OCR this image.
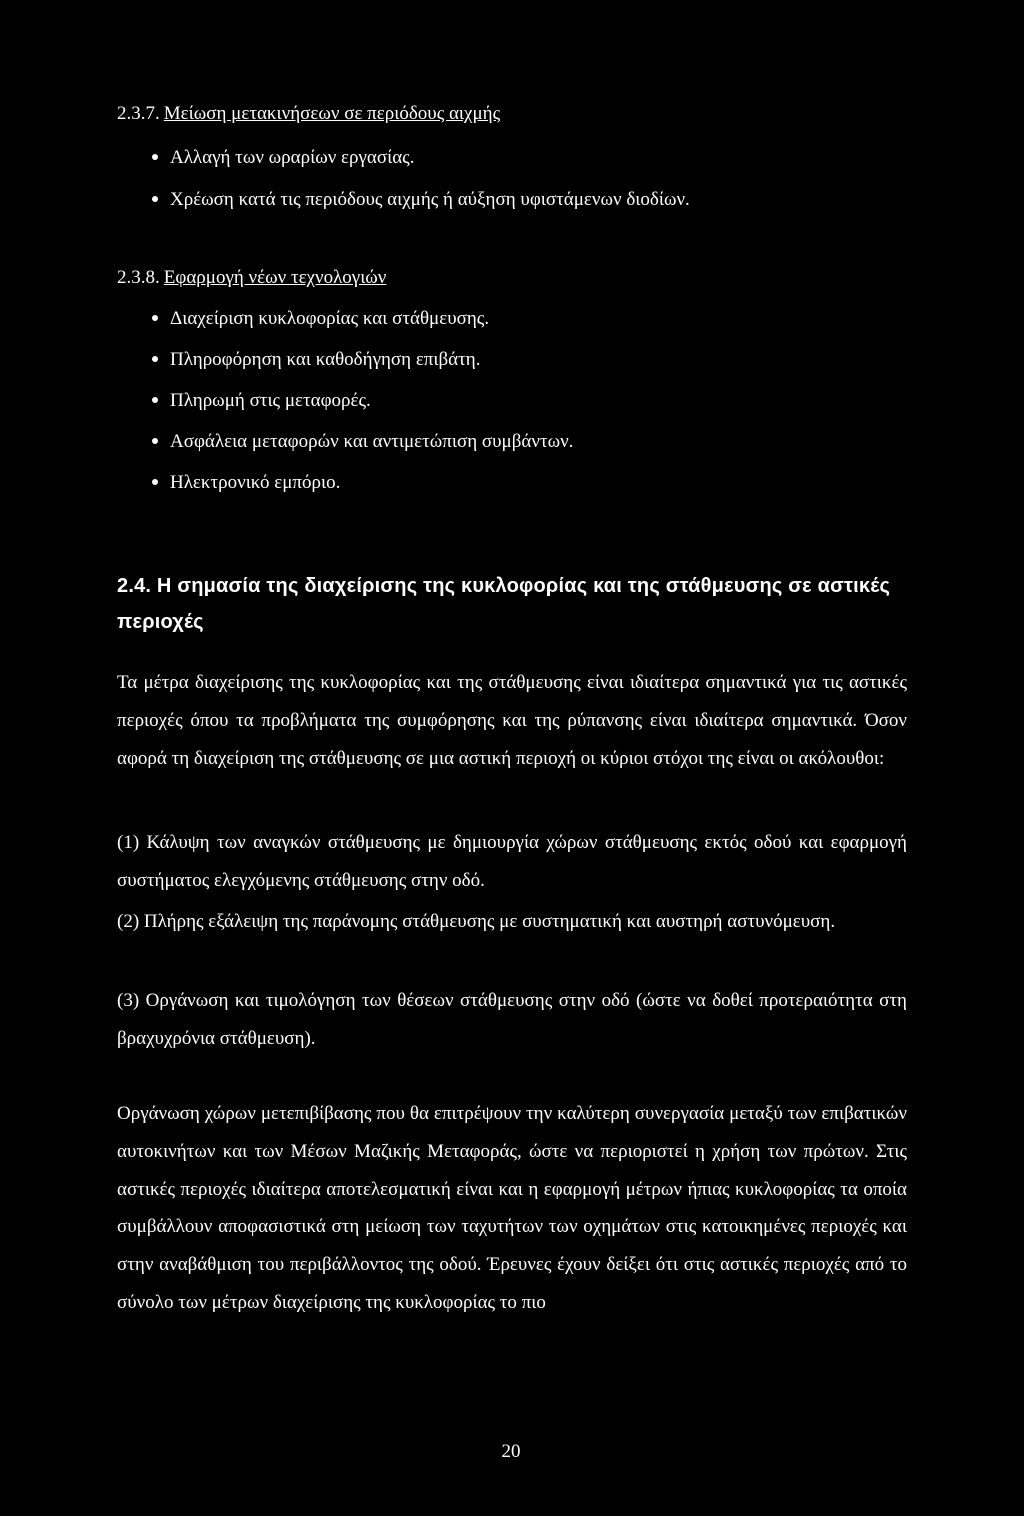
2.3.7. Μείωση μετακινήσεων σε περιόδους αιχμής
Αλλαγή των ωραρίων εργασίας.
Χρέωση κατά τις περιόδους αιχμής ή αύξηση υφιστάμενων διοδίων.
2.3.8. Εφαρμογή νέων τεχνολογιών
Διαχείριση κυκλοφορίας και στάθμευσης.
Πληροφόρηση και καθοδήγηση επιβάτη.
Πληρωμή στις μεταφορές.
Ασφάλεια μεταφορών και αντιμετώπιση συμβάντων.
Ηλεκτρονικό εμπόριο.
2.4. Η σημασία της διαχείρισης της κυκλοφορίας και της στάθμευσης σε αστικές περιοχές
Τα μέτρα διαχείρισης της κυκλοφορίας και της στάθμευσης είναι ιδιαίτερα σημαντικά για τις αστικές περιοχές όπου τα προβλήματα της συμφόρησης και της ρύπανσης είναι ιδιαίτερα σημαντικά. Όσον αφορά τη διαχείριση της στάθμευσης σε μια αστική περιοχή οι κύριοι στόχοι της είναι οι ακόλουθοι:
(1) Κάλυψη των αναγκών στάθμευσης με δημιουργία χώρων στάθμευσης εκτός οδού και εφαρμογή συστήματος ελεγχόμενης στάθμευσης στην οδό.
(2) Πλήρης εξάλειψη της παράνομης στάθμευσης με συστηματική και αυστηρή αστυνόμευση.
(3) Οργάνωση και τιμολόγηση των θέσεων στάθμευσης στην οδό (ώστε να δοθεί προτεραιότητα στη βραχυχρόνια στάθμευση).
Οργάνωση χώρων μετεπιβίβασης που θα επιτρέψουν την καλύτερη συνεργασία μεταξύ των επιβατικών αυτοκινήτων και των Μέσων Μαζικής Μεταφοράς, ώστε να περιοριστεί η χρήση των πρώτων. Στις αστικές περιοχές ιδιαίτερα αποτελεσματική είναι και η εφαρμογή μέτρων ήπιας κυκλοφορίας τα οποία συμβάλλουν αποφασιστικά στη μείωση των ταχυτήτων των οχημάτων στις κατοικημένες περιοχές και στην αναβάθμιση του περιβάλλοντος της οδού. Έρευνες έχουν δείξει ότι στις αστικές περιοχές από το σύνολο των μέτρων διαχείρισης της κυκλοφορίας το πιο
20
